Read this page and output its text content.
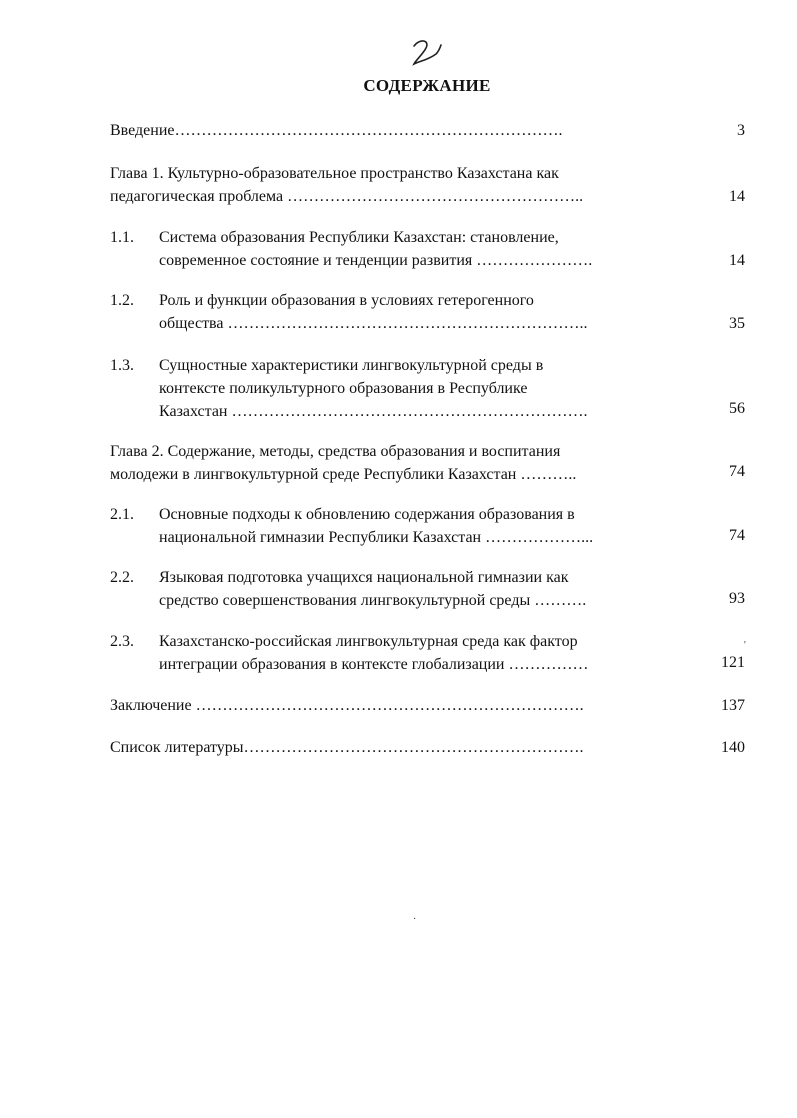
СОДЕРЖАНИЕ
Введение……………………………………………………………….	3
Глава 1. Культурно-образовательное пространство Казахстана как
педагогическая проблема ………………………………………………..	14
1.1.	Система образования Республики Казахстан: становление,
современное состояние и тенденции развития ………………….	14
1.2.	Роль и функции образования в условиях гетерогенного
общества …………………………………………………………..	35
1.3.	Сущностные характеристики лингвокультурной среды в
контексте поликультурного образования в Республике
Казахстан ………………………………………………………….	56
Глава 2. Содержание, методы, средства образования и воспитания
молодежи в лингвокультурной среде Республики Казахстан ………..	74
2.1.	Основные подходы к обновлению содержания образования в
национальной гимназии Республики Казахстан ………………...	74
2.2.	Языковая подготовка учащихся национальной гимназии как
средство совершенствования лингвокультурной среды ……….	93
2.3.	Казахстанско-российская лингвокультурная среда как фактор
интеграции образования в контексте глобализации ……………	121
Заключение ……………………………………………………………….	137
Список литературы……………………………………………………….	140
'
·
